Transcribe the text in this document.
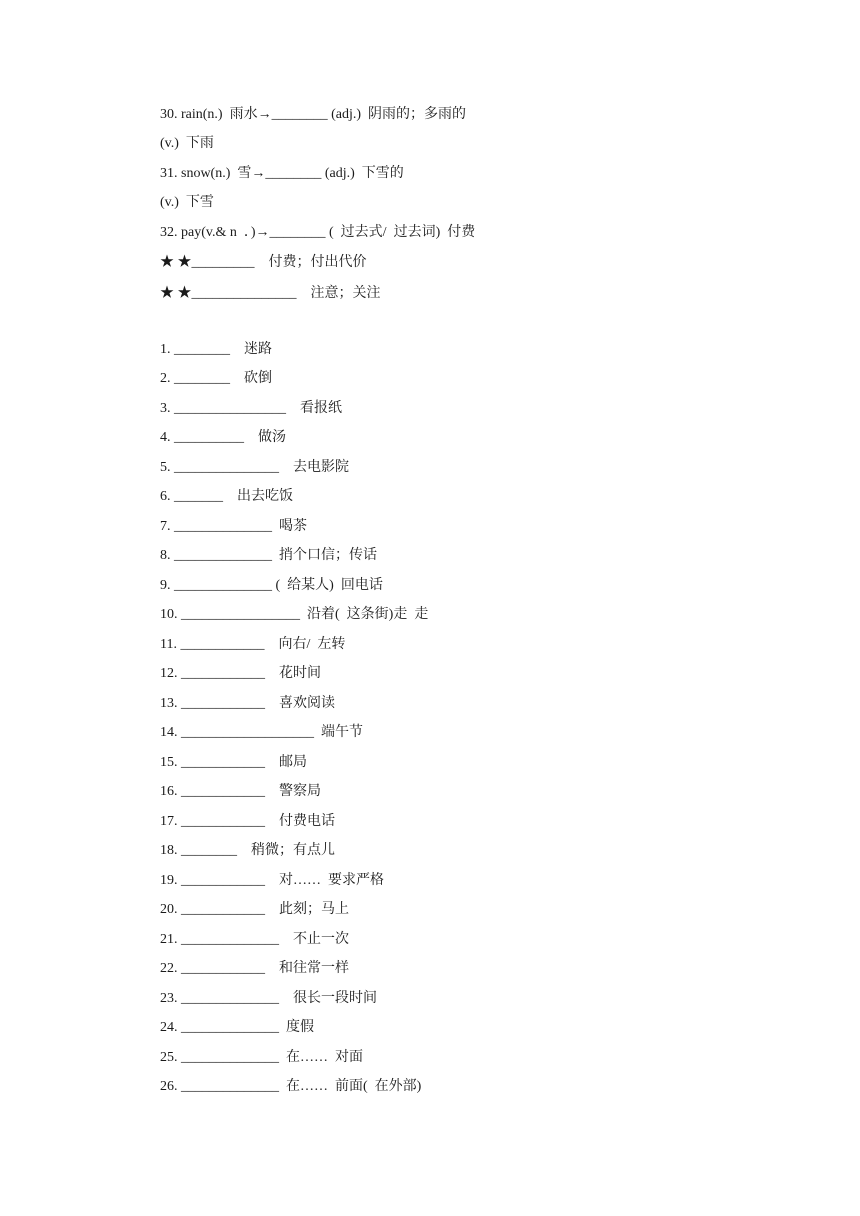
30. rain(n.)  雨水→________ (adj.)  阴雨的；多雨的
(v.)  下雨
31. snow(n.)  雪→________ (adj.)  下雪的
(v.)  下雪
32. pay(v.& n  ．)→________ (  过去式/  过去词)  付费
★ ★_________    付费；付出代价
★ ★_______________    注意；关注
1. ________    迷路
2. ________    砍倒
3. ________________    看报纸
4. __________    做汤
5. _______________    去电影院
6. _______    出去吃饭
7. ______________  喝茶
8. ______________  捎个口信；传话
9. ______________ (  给某人)  回电话
10. _________________  沿着(  这条街)走  走
11. ____________    向右/  左转
12. ____________    花时间
13. ____________    喜欢阅读
14. ___________________  端午节
15. ____________    邮局
16. ____________    警察局
17. ____________    付费电话
18. ________    稍微；有点儿
19. ____________    对……  要求严格
20. ____________    此刻；马上
21. ______________    不止一次
22. ____________    和往常一样
23. ______________    很长一段时间
24. ______________  度假
25. ______________  在……  对面
26. ______________  在……  前面(  在外部)
